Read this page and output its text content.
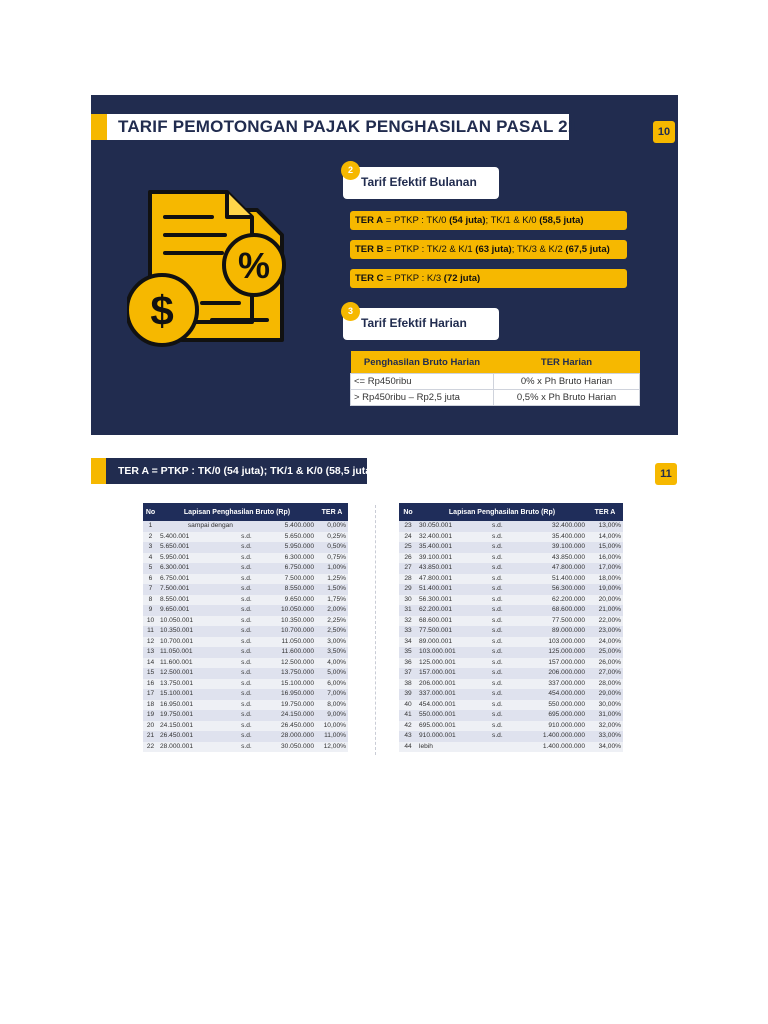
TARIF PEMOTONGAN PAJAK PENGHASILAN PASAL 21	10
%
$
Tarif Efektif Bulanan
2
TER A = PTKP : TK/0 (54 juta); TK/1 & K/0 (58,5 juta)
TER B = PTKP : TK/2 & K/1 (63 juta); TK/3 & K/2 (67,5 juta)
TER C = PTKP : K/3 (72 juta)
Tarif Efektif Harian
3
Penghasilan Bruto Harian	TER Harian
<= Rp450ribu	0% x Ph Bruto Harian
> Rp450ribu – Rp2,5 juta	0,5% x Ph Bruto Harian
TER A = PTKP : TK/0 (54 juta); TK/1 & K/0 (58,5 juta)	11
No	Lapisan Penghasilan Bruto (Rp)			TER A
1	sampai dengan		5.400.000	0,00%
2	5.400.001	s.d.	5.650.000	0,25%
3	5.650.001	s.d.	5.950.000	0,50%
4	5.950.001	s.d.	6.300.000	0,75%
5	6.300.001	s.d.	6.750.000	1,00%
6	6.750.001	s.d.	7.500.000	1,25%
7	7.500.001	s.d.	8.550.000	1,50%
8	8.550.001	s.d.	9.650.000	1,75%
9	9.650.001	s.d.	10.050.000	2,00%
10	10.050.001	s.d.	10.350.000	2,25%
11	10.350.001	s.d.	10.700.000	2,50%
12	10.700.001	s.d.	11.050.000	3,00%
13	11.050.001	s.d.	11.600.000	3,50%
14	11.600.001	s.d.	12.500.000	4,00%
15	12.500.001	s.d.	13.750.000	5,00%
16	13.750.001	s.d.	15.100.000	6,00%
17	15.100.001	s.d.	16.950.000	7,00%
18	16.950.001	s.d.	19.750.000	8,00%
19	19.750.001	s.d.	24.150.000	9,00%
20	24.150.001	s.d.	26.450.000	10,00%
21	26.450.001	s.d.	28.000.000	11,00%
22	28.000.001	s.d.	30.050.000	12,00%
No	Lapisan Penghasilan Bruto (Rp)			TER A
23	30.050.001	s.d.	32.400.000	13,00%
24	32.400.001	s.d.	35.400.000	14,00%
25	35.400.001	s.d.	39.100.000	15,00%
26	39.100.001	s.d.	43.850.000	16,00%
27	43.850.001	s.d.	47.800.000	17,00%
28	47.800.001	s.d.	51.400.000	18,00%
29	51.400.001	s.d.	56.300.000	19,00%
30	56.300.001	s.d.	62.200.000	20,00%
31	62.200.001	s.d.	68.600.000	21,00%
32	68.600.001	s.d.	77.500.000	22,00%
33	77.500.001	s.d.	89.000.000	23,00%
34	89.000.001	s.d.	103.000.000	24,00%
35	103.000.001	s.d.	125.000.000	25,00%
36	125.000.001	s.d.	157.000.000	26,00%
37	157.000.001	s.d.	206.000.000	27,00%
38	206.000.001	s.d.	337.000.000	28,00%
39	337.000.001	s.d.	454.000.000	29,00%
40	454.000.001	s.d.	550.000.000	30,00%
41	550.000.001	s.d.	695.000.000	31,00%
42	695.000.001	s.d.	910.000.000	32,00%
43	910.000.001	s.d.	1.400.000.000	33,00%
44	lebih		1.400.000.000	34,00%
